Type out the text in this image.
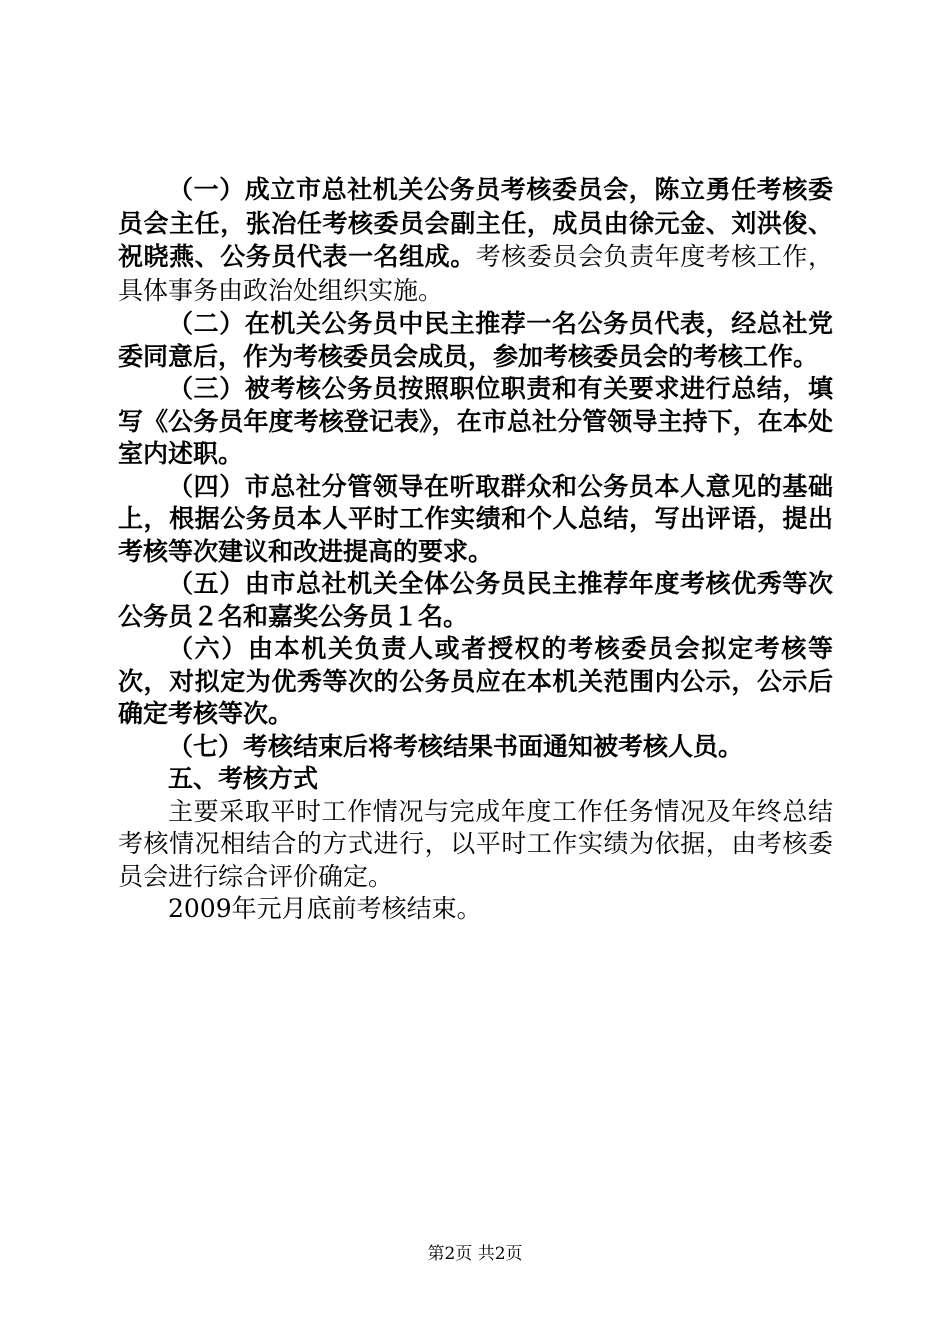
（一）成立市总社机关公务员考核委员会，陈立勇任考核委员会主任，张冶任考核委员会副主任，成员由徐元金、刘洪俊、祝晓燕、公务员代表一名组成。考核委员会负责年度考核工作，具体事务由政治处组织实施。

（二）在机关公务员中民主推荐一名公务员代表，经总社党委同意后，作为考核委员会成员，参加考核委员会的考核工作。

（三）被考核公务员按照职位职责和有关要求进行总结，填写《公务员年度考核登记表》，在市总社分管领导主持下，在本处室内述职。

（四）市总社分管领导在听取群众和公务员本人意见的基础上，根据公务员本人平时工作实绩和个人总结，写出评语，提出考核等次建议和改进提高的要求。

（五）由市总社机关全体公务员民主推荐年度考核优秀等次公务员２名和嘉奖公务员１名。

（六）由本机关负责人或者授权的考核委员会拟定考核等次，对拟定为优秀等次的公务员应在本机关范围内公示，公示后确定考核等次。

（七）考核结束后将考核结果书面通知被考核人员。

五、考核方式

主要采取平时工作情况与完成年度工作任务情况及年终总结考核情况相结合的方式进行，以平时工作实绩为依据，由考核委员会进行综合评价确定。

2009年元月底前考核结束。

第2页 共2页
